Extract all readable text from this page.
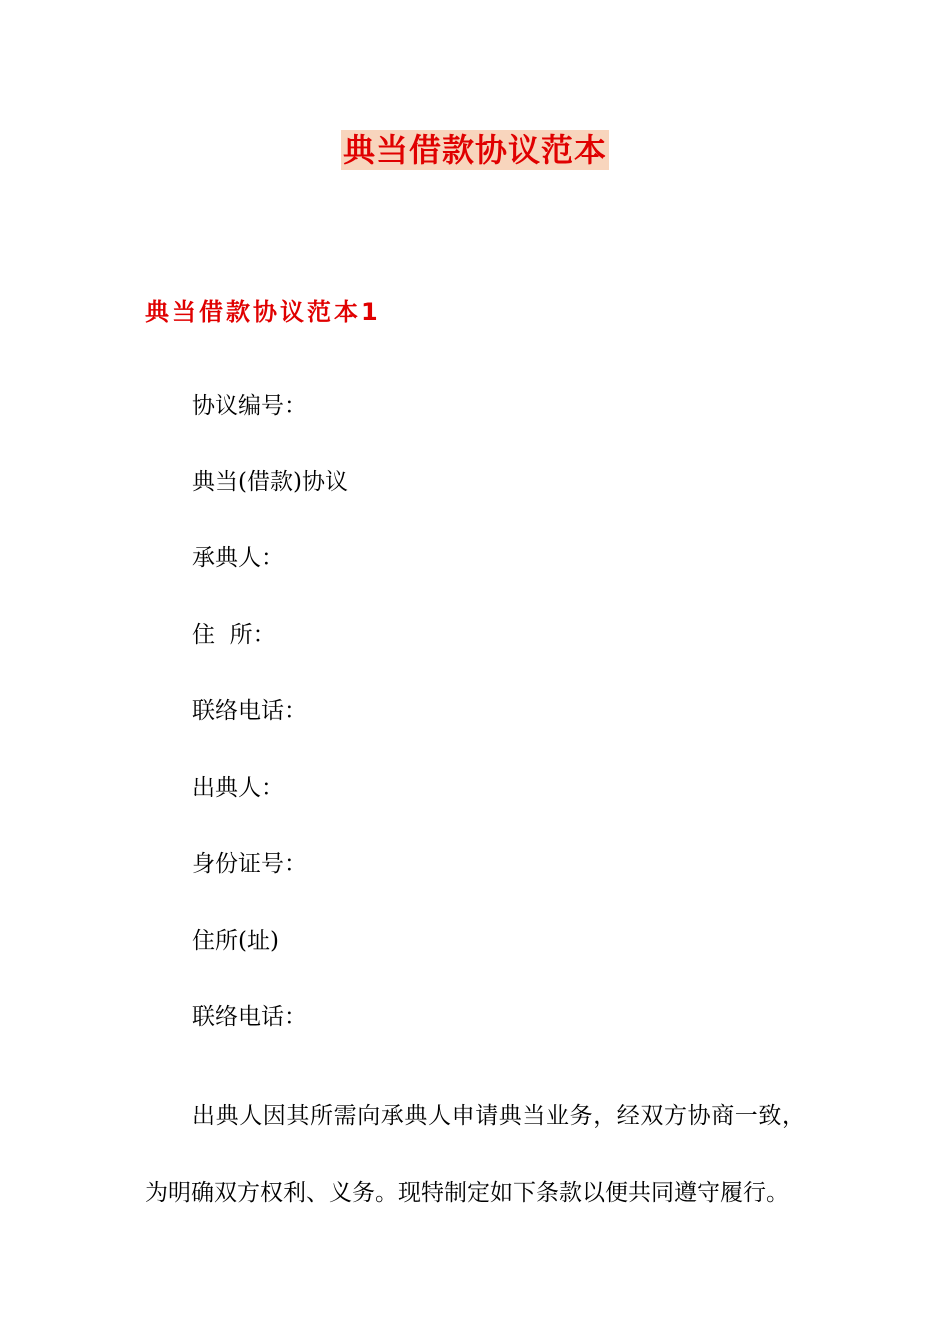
典当借款协议范本
典当借款协议范本1

协议编号：

典当(借款)协议

承典人：

住  所：

联络电话：

出典人：

身份证号：

住所(址)

联络电话：

出典人因其所需向承典人申请典当业务，经双方协商一致，为明确双方权利、义务。现特制定如下条款以便共同遵守履行。
